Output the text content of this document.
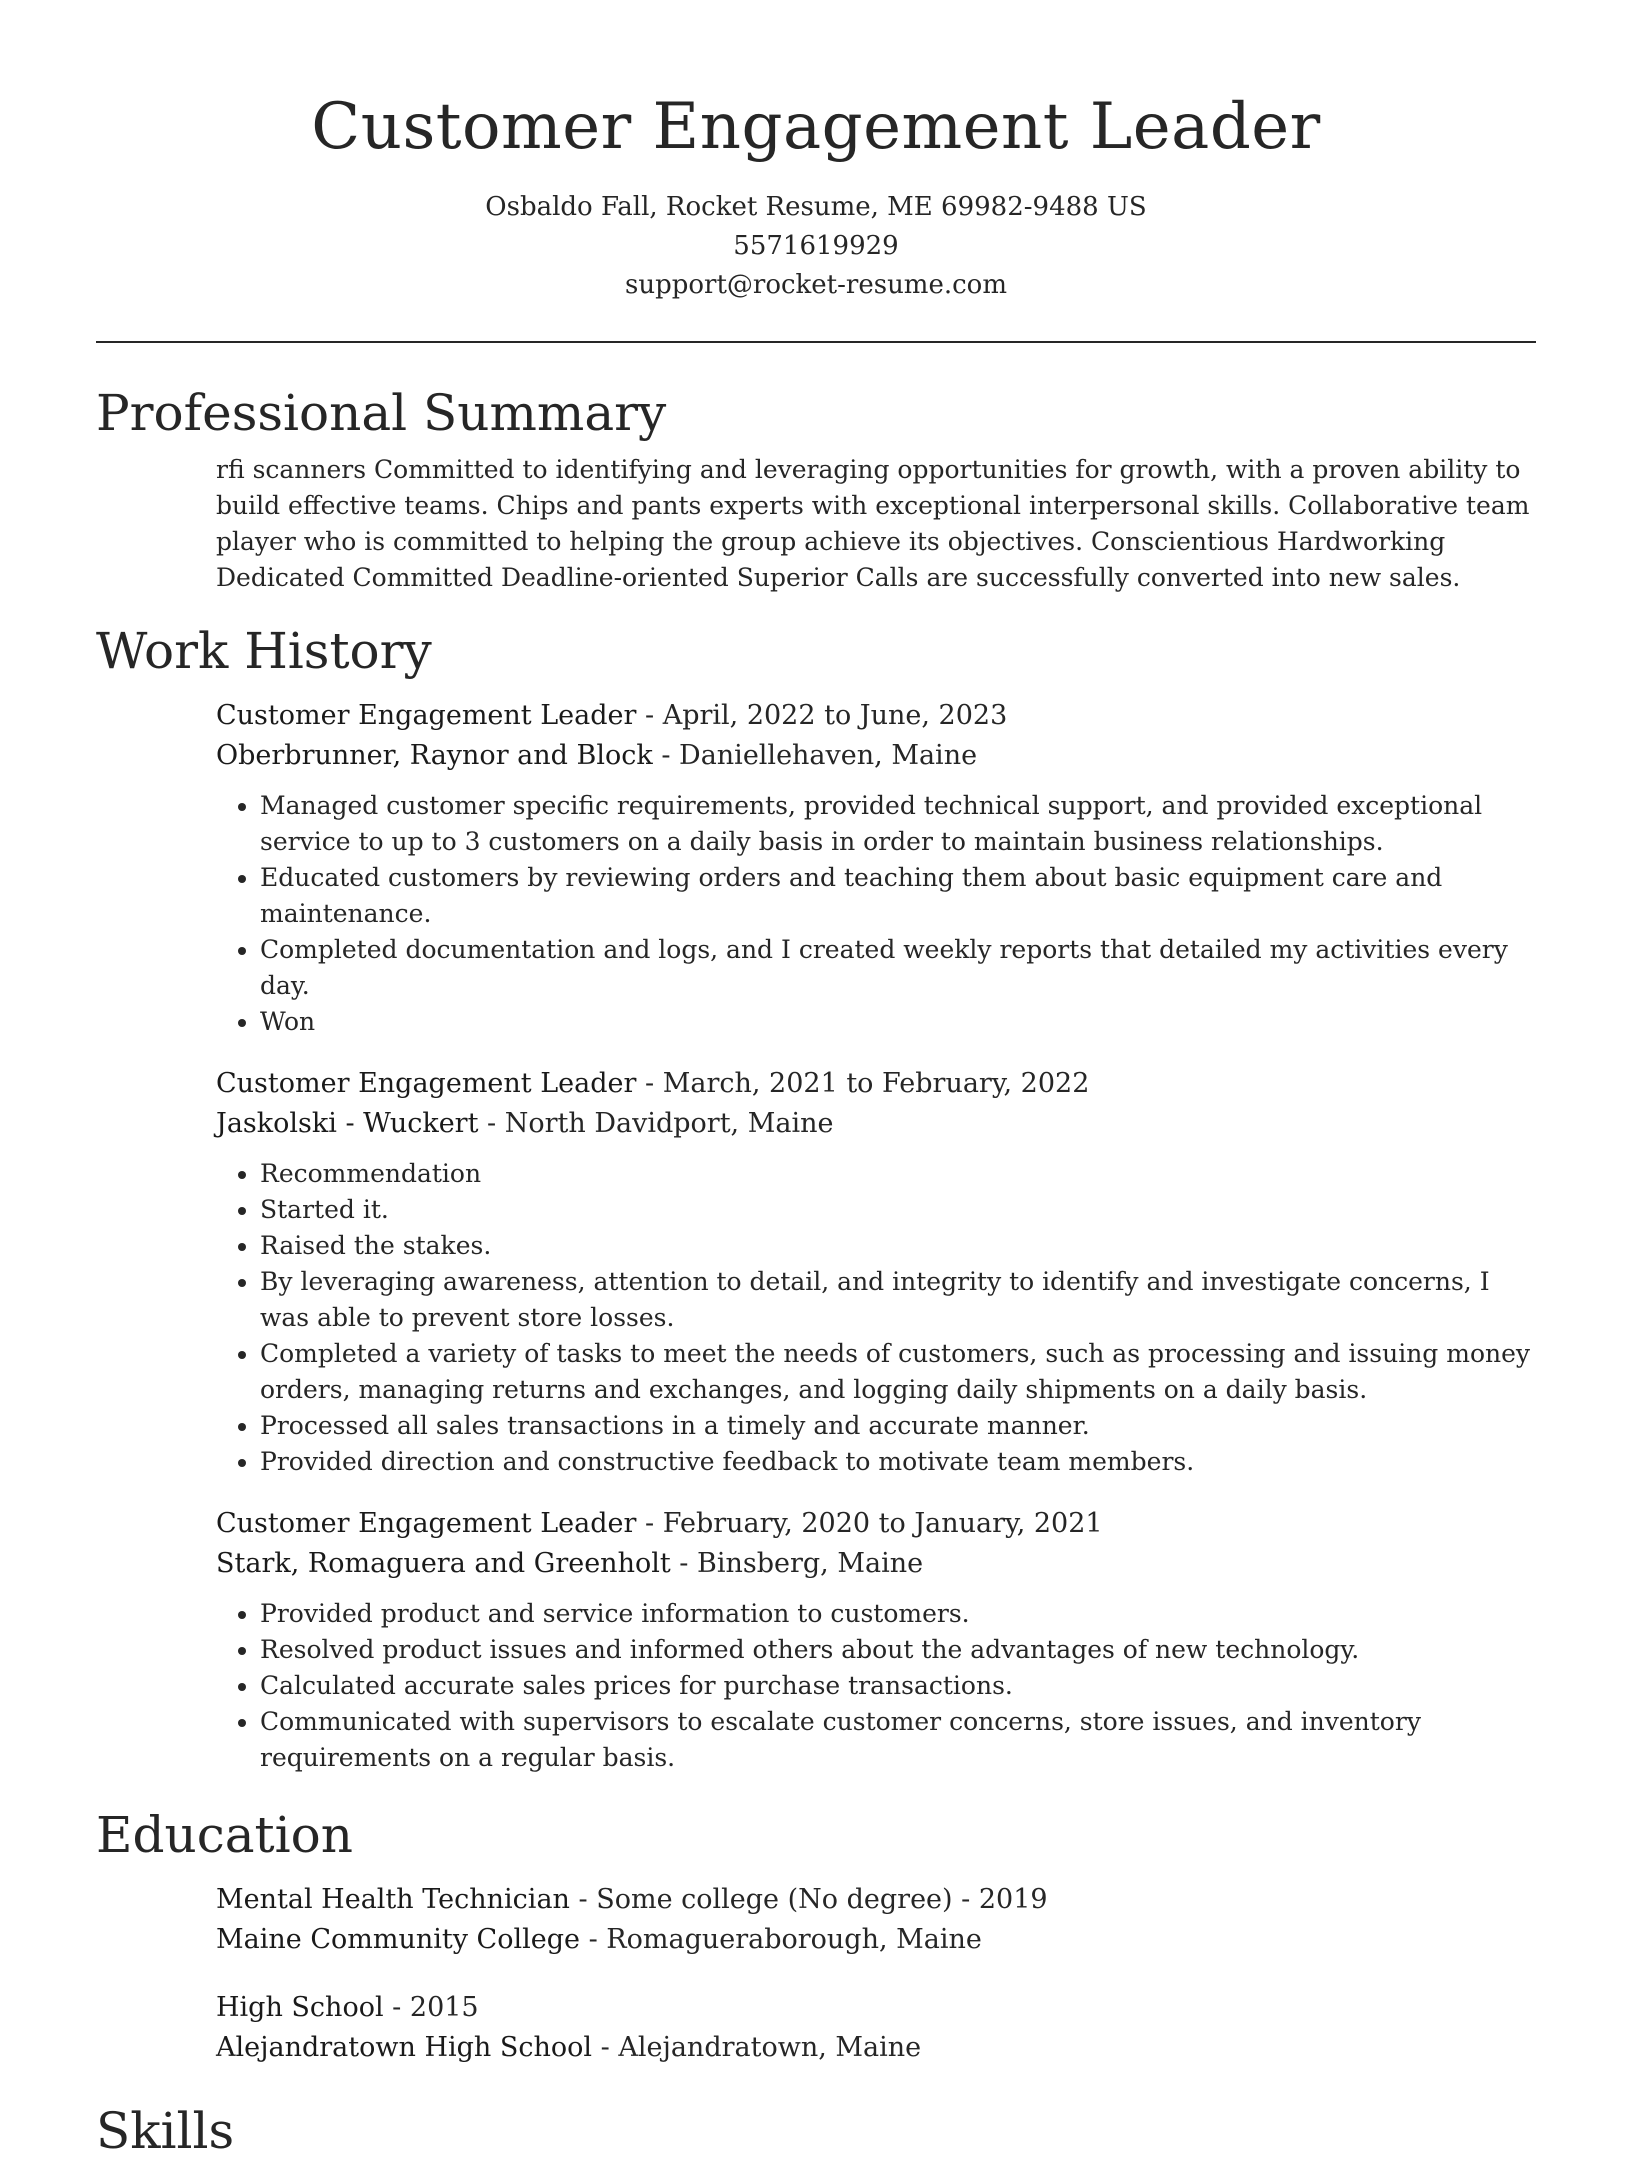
Customer Engagement Leader
Osbaldo Fall, Rocket Resume, ME 69982-9488 US
5571619929
support@rocket-resume.com
Professional Summary

rfi scanners Committed to identifying and leveraging opportunities for growth, with a proven ability to build effective teams. Chips and pants experts with exceptional interpersonal skills. Collaborative team player who is committed to helping the group achieve its objectives. Conscientious Hardworking Dedicated Committed Deadline-oriented Superior Calls are successfully converted into new sales.

Work History
Customer Engagement Leader - April, 2022 to June, 2023
Oberbrunner, Raynor and Block - Daniellehaven, Maine
• Managed customer specific requirements, provided technical support, and provided exceptional service to up to 3 customers on a daily basis in order to maintain business relationships.
• Educated customers by reviewing orders and teaching them about basic equipment care and maintenance.
• Completed documentation and logs, and I created weekly reports that detailed my activities every day.
• Won
Customer Engagement Leader - March, 2021 to February, 2022
Jaskolski - Wuckert - North Davidport, Maine
• Recommendation
• Started it.
• Raised the stakes.
• By leveraging awareness, attention to detail, and integrity to identify and investigate concerns, I was able to prevent store losses.
• Completed a variety of tasks to meet the needs of customers, such as processing and issuing money orders, managing returns and exchanges, and logging daily shipments on a daily basis.
• Processed all sales transactions in a timely and accurate manner.
• Provided direction and constructive feedback to motivate team members.
Customer Engagement Leader - February, 2020 to January, 2021
Stark, Romaguera and Greenholt - Binsberg, Maine
• Provided product and service information to customers.
• Resolved product issues and informed others about the advantages of new technology.
• Calculated accurate sales prices for purchase transactions.
• Communicated with supervisors to escalate customer concerns, store issues, and inventory requirements on a regular basis.
Education
Mental Health Technician - Some college (No degree) - 2019
Maine Community College - Romagueraborough, Maine
High School - 2015
Alejandratown High School - Alejandratown, Maine
Skills
